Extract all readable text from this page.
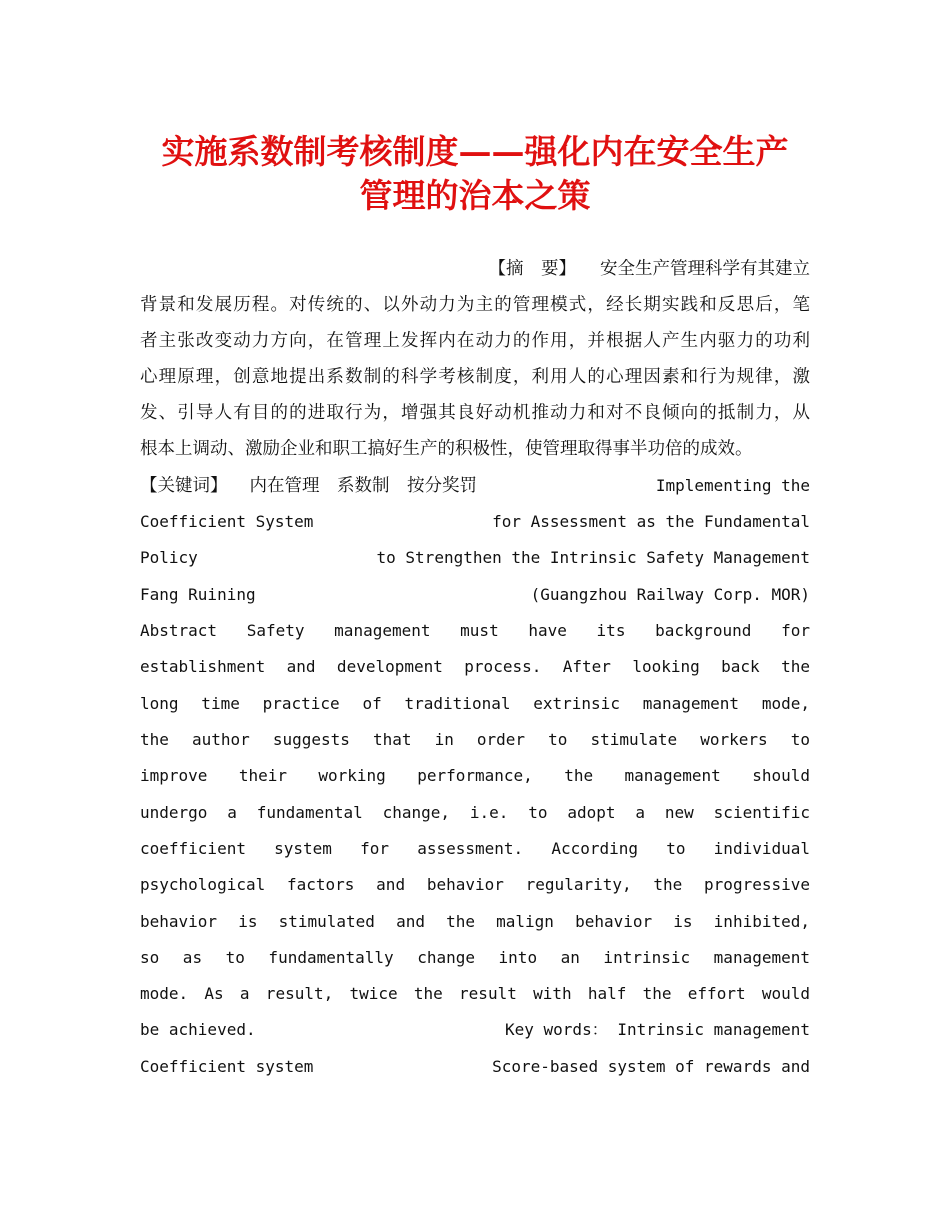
实施系数制考核制度——强化内在安全生产
管理的治本之策
【摘　要】 安全生产管理科学有其建立
背景和发展历程。对传统的、以外动力为主的管理模式，经长期实践和反思后，笔
者主张改变动力方向，在管理上发挥内在动力的作用，并根据人产生内驱力的功利
心理原理，创意地提出系数制的科学考核制度，利用人的心理因素和行为规律，激
发、引导人有目的的进取行为，增强其良好动机推动力和对不良倾向的抵制力，从
根本上调动、激励企业和职工搞好生产的积极性，使管理取得事半功倍的成效。
【关键词】 内在管理　系数制　按分奖罚	Implementing the
Coefficient System	for Assessment as the Fundamental
Policy	to Strengthen the Intrinsic Safety Management
Fang Ruining	(Guangzhou Railway Corp. MOR)
Abstract Safety management must have its background for
establishment and development process. After looking back the
long time practice of traditional extrinsic management mode,
the author suggests that in order to stimulate workers to
improve their working performance, the management should
undergo a fundamental change, i.e. to adopt a new scientific
coefficient system for assessment. According to individual
psychological factors and behavior regularity, the progressive
behavior is stimulated and the malign behavior is inhibited,
so as to fundamentally change into an intrinsic management
mode. As a result, twice the result with half the effort would
be achieved.	Key words： Intrinsic management
Coefficient system	Score-based system of rewards and
